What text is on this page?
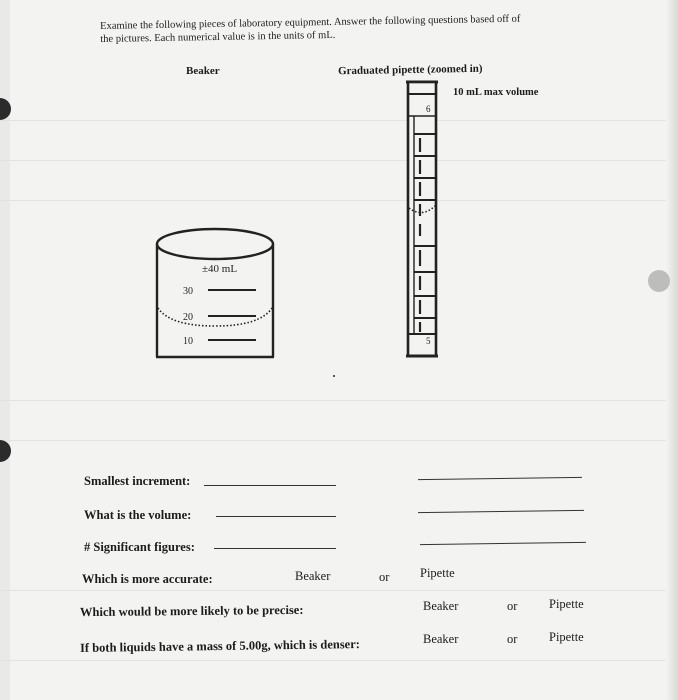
Examine the following pieces of laboratory equipment. Answer the following questions based off of
the pictures. Each numerical value is in the units of mL.
Beaker	Graduated pipette (zoomed in)
10 mL max volume
±40 mL
30
20
10
6
5
Smallest increment:
What is the volume:
# Significant figures:
Which is more accurate:	Beaker	or Pipette
Which would be more likely to be precise:	Beaker	or	Pipette
If both liquids have a mass of 5.00g, which is denser:	Beaker	or	Pipette
